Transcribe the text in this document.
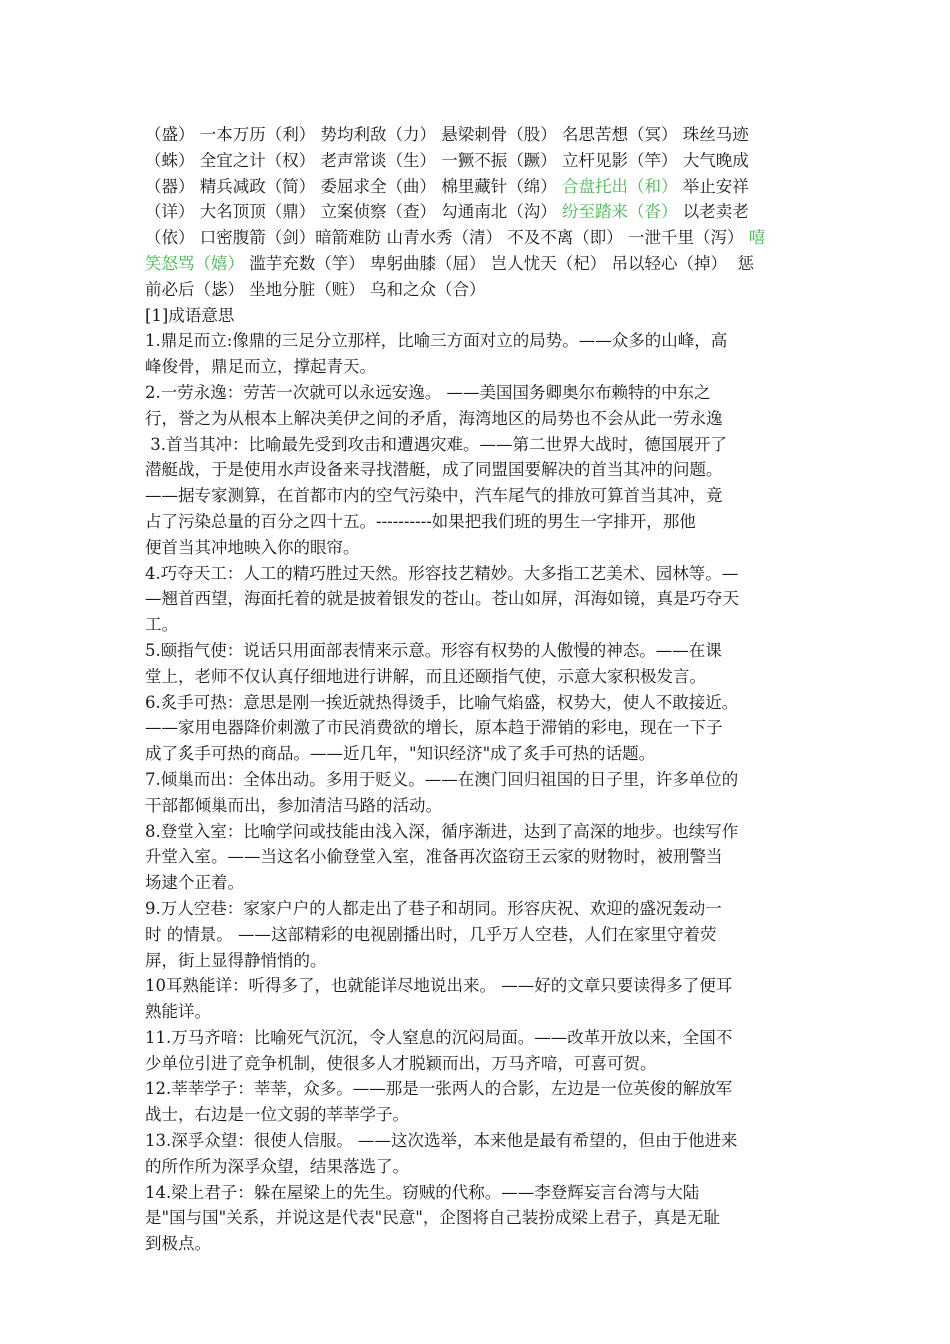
（盛） 一本万历（利） 势均利敌（力） 悬梁刺骨（股） 名思苦想（冥） 珠丝马迹
（蛛） 全宜之计（权） 老声常谈（生） 一獗不振（蹶） 立杆见影（竿） 大气晚成
（器） 精兵减政（简） 委屈求全（曲） 棉里藏针（绵） 合盘托出（和） 举止安祥
（详） 大名顶顶（鼎） 立案侦察（查） 勾通南北（沟） 纷至踏来（沓） 以老卖老
（依） 口密腹箭（剑）暗箭难防 山青水秀（清） 不及不离（即） 一泄千里（泻） 嘻
笑怒骂（嬉） 滥芋充数（竽） 卑躬曲膝（屈） 岂人忧天（杞） 吊以轻心（掉）  惩
前必后（毖） 坐地分脏（赃） 乌和之众（合）
[1]成语意思
1.鼎足而立:像鼎的三足分立那样，比喻三方面对立的局势。——众多的山峰，高
峰俊骨，鼎足而立，撑起青天。
2.一劳永逸：劳苦一次就可以永远安逸。 ——美国国务卿奥尔布赖特的中东之
行，誉之为从根本上解决美伊之间的矛盾，海湾地区的局势也不会从此一劳永逸
3.首当其冲：比喻最先受到攻击和遭遇灾难。——第二世界大战时，德国展开了
潜艇战，于是使用水声设备来寻找潜艇，成了同盟国要解决的首当其冲的问题。
——据专家测算，在首都市内的空气污染中，汽车尾气的排放可算首当其冲，竟
占了污染总量的百分之四十五。----------如果把我们班的男生一字排开，那他
便首当其冲地映入你的眼帘。
4.巧夺天工：人工的精巧胜过天然。形容技艺精妙。大多指工艺美术、园林等。—
—翘首西望，海面托着的就是披着银发的苍山。苍山如屏，洱海如镜，真是巧夺天
工。
5.颐指气使：说话只用面部表情来示意。形容有权势的人傲慢的神态。——在课
堂上，老师不仅认真仔细地进行讲解，而且还颐指气使，示意大家积极发言。
6.炙手可热：意思是刚一挨近就热得烫手，比喻气焰盛，权势大，使人不敢接近。
——家用电器降价刺激了市民消费欲的增长，原本趋于滞销的彩电，现在一下子
成了炙手可热的商品。——近几年，"知识经济"成了炙手可热的话题。
7.倾巢而出：全体出动。多用于贬义。——在澳门回归祖国的日子里，许多单位的
干部都倾巢而出，参加清洁马路的活动。
8.登堂入室：比喻学问或技能由浅入深，循序渐进，达到了高深的地步。也续写作
升堂入室。——当这名小偷登堂入室，准备再次盗窃王云家的财物时，被刑警当
场逮个正着。
9.万人空巷：家家户户的人都走出了巷子和胡同。形容庆祝、欢迎的盛况轰动一
时 的情景。 ——这部精彩的电视剧播出时，几乎万人空巷，人们在家里守着荧
屏，街上显得静悄悄的。
10耳熟能详：听得多了，也就能详尽地说出来。 ——好的文章只要读得多了便耳
熟能详。
11.万马齐喑：比喻死气沉沉，令人窒息的沉闷局面。——改革开放以来，全国不
少单位引进了竞争机制，使很多人才脱颖而出，万马齐喑，可喜可贺。
12.莘莘学子：莘莘，众多。——那是一张两人的合影，左边是一位英俊的解放军
战士，右边是一位文弱的莘莘学子。
13.深孚众望：很使人信服。 ——这次选举，本来他是最有希望的，但由于他进来
的所作所为深孚众望，结果落选了。
14.梁上君子：躲在屋梁上的先生。窃贼的代称。——李登辉妄言台湾与大陆
是"国与国"关系，并说这是代表"民意"，企图将自己装扮成梁上君子，真是无耻
到极点。
